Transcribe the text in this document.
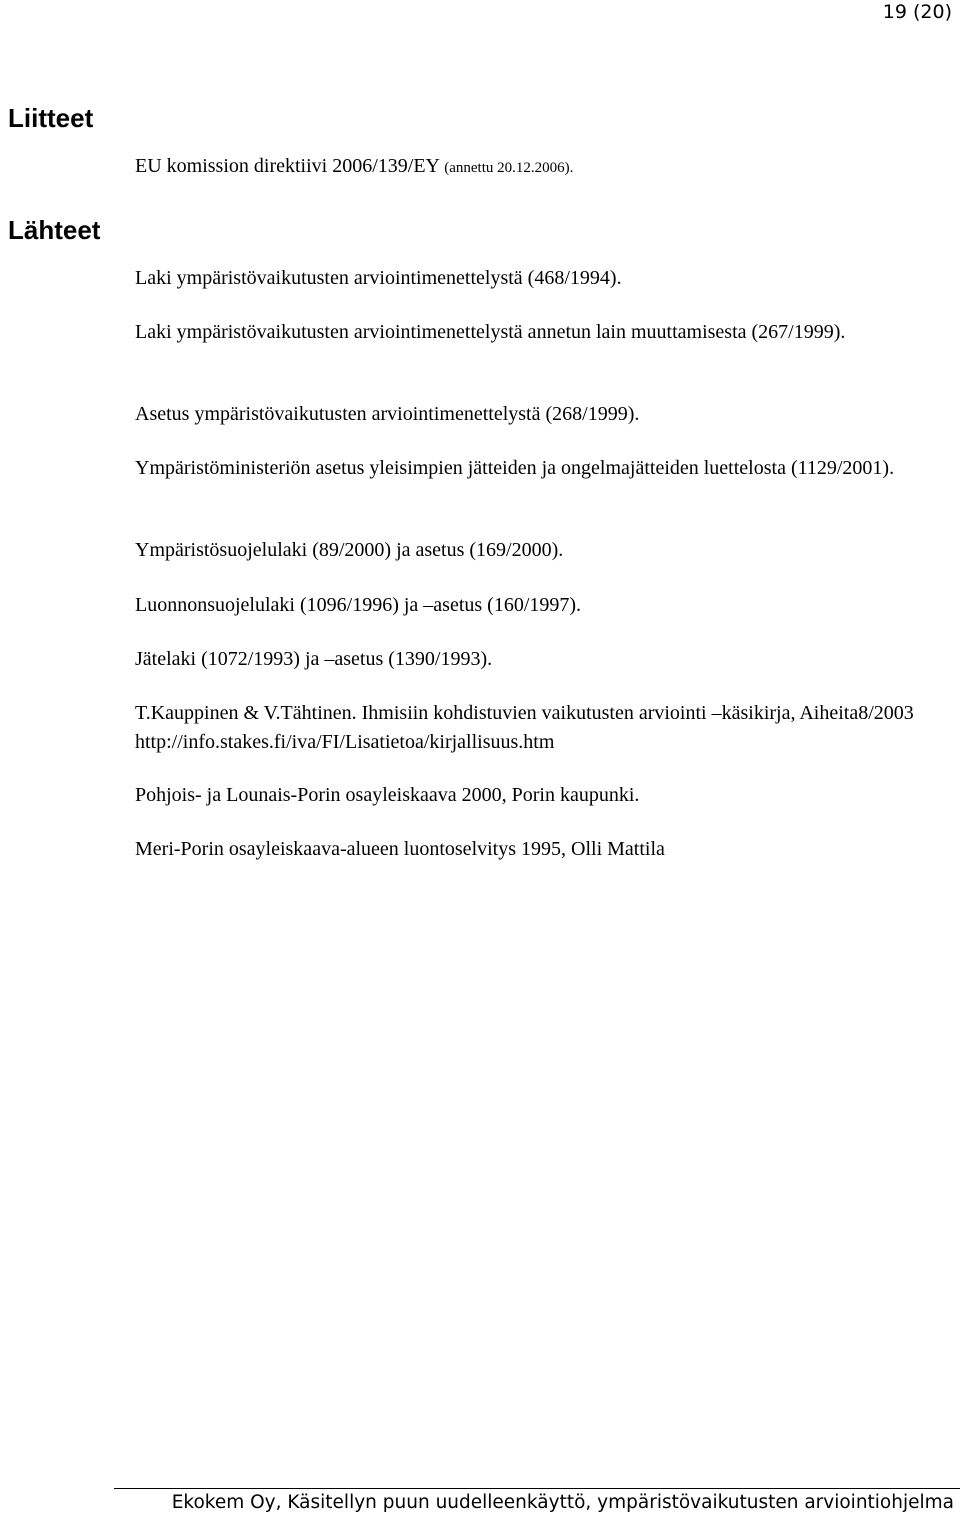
19 (20)
Liitteet

EU komission direktiivi 2006/139/EY (annettu 20.12.2006).

Lähteet

Laki ympäristövaikutusten arviointimenettelystä (468/1994).

Laki ympäristövaikutusten arviointimenettelystä annetun lain muuttamisesta (267/1999).

Asetus ympäristövaikutusten arviointimenettelystä (268/1999).

Ympäristöministeriön asetus yleisimpien jätteiden ja ongelmajätteiden luettelosta (1129/2001).

Ympäristösuojelulaki (89/2000) ja asetus (169/2000).

Luonnonsuojelulaki (1096/1996) ja –asetus (160/1997).

Jätelaki (1072/1993) ja –asetus (1390/1993).

T.Kauppinen & V.Tähtinen. Ihmisiin kohdistuvien vaikutusten arviointi –käsikirja, Aiheita8/2003 http://info.stakes.fi/iva/FI/Lisatietoa/kirjallisuus.htm

Pohjois- ja Lounais-Porin osayleiskaava 2000, Porin kaupunki.

Meri-Porin osayleiskaava-alueen luontoselvitys 1995, Olli Mattila

Ekokem Oy, Käsitellyn puun uudelleenkäyttö, ympäristövaikutusten arviointiohjelma
